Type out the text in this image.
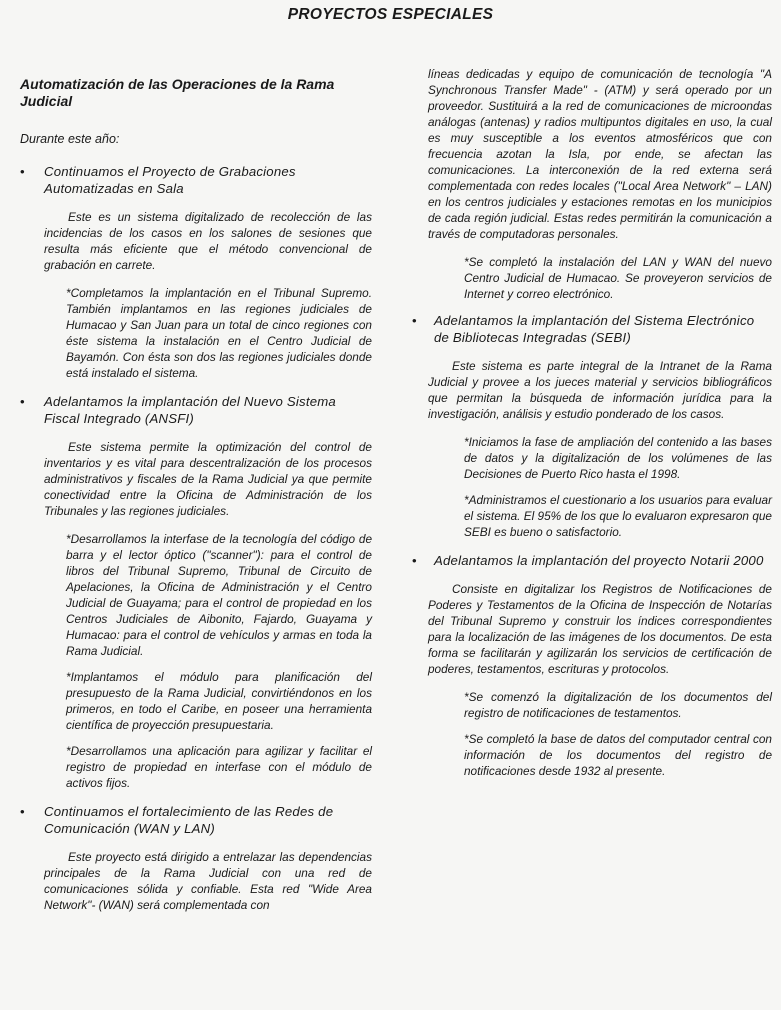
PROYECTOS ESPECIALES
Automatización de las Operaciones de la Rama Judicial
Durante este año:
• Continuamos el Proyecto de Grabaciones Automatizadas en Sala
Este es un sistema digitalizado de recolección de las incidencias de los casos en los salones de sesiones que resulta más eficiente que el método convencional de grabación en carrete.
*Completamos la implantación en el Tribunal Supremo. También implantamos en las regiones judiciales de Humacao y San Juan para un total de cinco regiones con éste sistema la instalación en el Centro Judicial de Bayamón. Con ésta son dos las regiones judiciales donde está instalado el sistema.
• Adelantamos la implantación del Nuevo Sistema Fiscal Integrado (ANSFI)
Este sistema permite la optimización del control de inventarios y es vital para descentralización de los procesos administrativos y fiscales de la Rama Judicial ya que permite conectividad entre la Oficina de Administración de los Tribunales y las regiones judiciales.
*Desarrollamos la interfase de la tecnología del código de barra y el lector óptico ("scanner"): para el control de libros del Tribunal Supremo, Tribunal de Circuito de Apelaciones, la Oficina de Administración y el Centro Judicial de Guayama; para el control de propiedad en los Centros Judiciales de Aibonito, Fajardo, Guayama y Humacao: para el control de vehículos y armas en toda la Rama Judicial.
*Implantamos el módulo para planificación del presupuesto de la Rama Judicial, convirtiéndonos en los primeros, en todo el Caribe, en poseer una herramienta científica de proyección presupuestaria.
*Desarrollamos una aplicación para agilizar y facilitar el registro de propiedad en interfase con el módulo de activos fijos.
• Continuamos el fortalecimiento de las Redes de Comunicación (WAN y LAN)
Este proyecto está dirigido a entrelazar las dependencias principales de la Rama Judicial con una red de comunicaciones sólida y confiable. Esta red "Wide Area Network"- (WAN) será complementada con
líneas dedicadas y equipo de comunicación de tecnología "A Synchronous Transfer Made" - (ATM) y será operado por un proveedor. Sustituirá a la red de comunicaciones de microondas análogas (antenas) y radios multipuntos digitales en uso, la cual es muy susceptible a los eventos atmosféricos que con frecuencia azotan la Isla, por ende, se afectan las comunicaciones. La interconexión de la red externa será complementada con redes locales ("Local Area Network" – LAN) en los centros judiciales y estaciones remotas en los municipios de cada región judicial. Estas redes permitirán la comunicación a través de computadoras personales.
*Se completó la instalación del LAN y WAN del nuevo Centro Judicial de Humacao. Se proveyeron servicios de Internet y correo electrónico.
• Adelantamos la implantación del Sistema Electrónico de Bibliotecas Integradas (SEBI)
Este sistema es parte integral de la Intranet de la Rama Judicial y provee a los jueces material y servicios bibliográficos que permitan la búsqueda de información jurídica para la investigación, análisis y estudio ponderado de los casos.
*Iniciamos la fase de ampliación del contenido a las bases de datos y la digitalización de los volúmenes de las Decisiones de Puerto Rico hasta el 1998.
*Administramos el cuestionario a los usuarios para evaluar el sistema. El 95% de los que lo evaluaron expresaron que SEBI es bueno o satisfactorio.
• Adelantamos la implantación del proyecto Notarii 2000
Consiste en digitalizar los Registros de Notificaciones de Poderes y Testamentos de la Oficina de Inspección de Notarías del Tribunal Supremo y construir los índices correspondientes para la localización de las imágenes de los documentos. De esta forma se facilitarán y agilizarán los servicios de certificación de poderes, testamentos, escrituras y protocolos.
*Se comenzó la digitalización de los documentos del registro de notificaciones de testamentos.
*Se completó la base de datos del computador central con información de los documentos del registro de notificaciones desde 1932 al presente.
